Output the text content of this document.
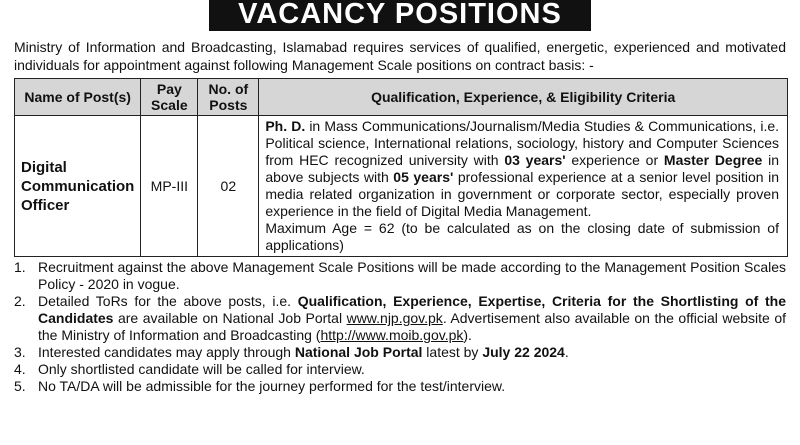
VACANCY POSITIONS
Ministry of Information and Broadcasting, Islamabad requires services of qualified, energetic, experienced and motivated individuals for appointment against following Management Scale positions on contract basis: -
Name of Post(s)	Pay Scale	No. of Posts	Qualification, Experience, & Eligibility Criteria
Digital Communication Officer	MP-III	02	Ph. D. in Mass Communications/Journalism/Media Studies & Communications, i.e. Political science, International relations, sociology, history and Computer Sciences from HEC recognized university with 03 years' experience or Master Degree in above subjects with 05 years' professional experience at a senior level position in media related organization in government or corporate sector, especially proven experience in the field of Digital Media Management.
Maximum Age = 62 (to be calculated as on the closing date of submission of applications)
1. Recruitment against the above Management Scale Positions will be made according to the Management Position Scales Policy - 2020 in vogue.
2. Detailed ToRs for the above posts, i.e. Qualification, Experience, Expertise, Criteria for the Shortlisting of the Candidates are available on National Job Portal www.njp.gov.pk. Advertisement also available on the official website of the Ministry of Information and Broadcasting (http://www.moib.gov.pk).
3. Interested candidates may apply through National Job Portal latest by July 22 2024.
4. Only shortlisted candidate will be called for interview.
5. No TA/DA will be admissible for the journey performed for the test/interview.
